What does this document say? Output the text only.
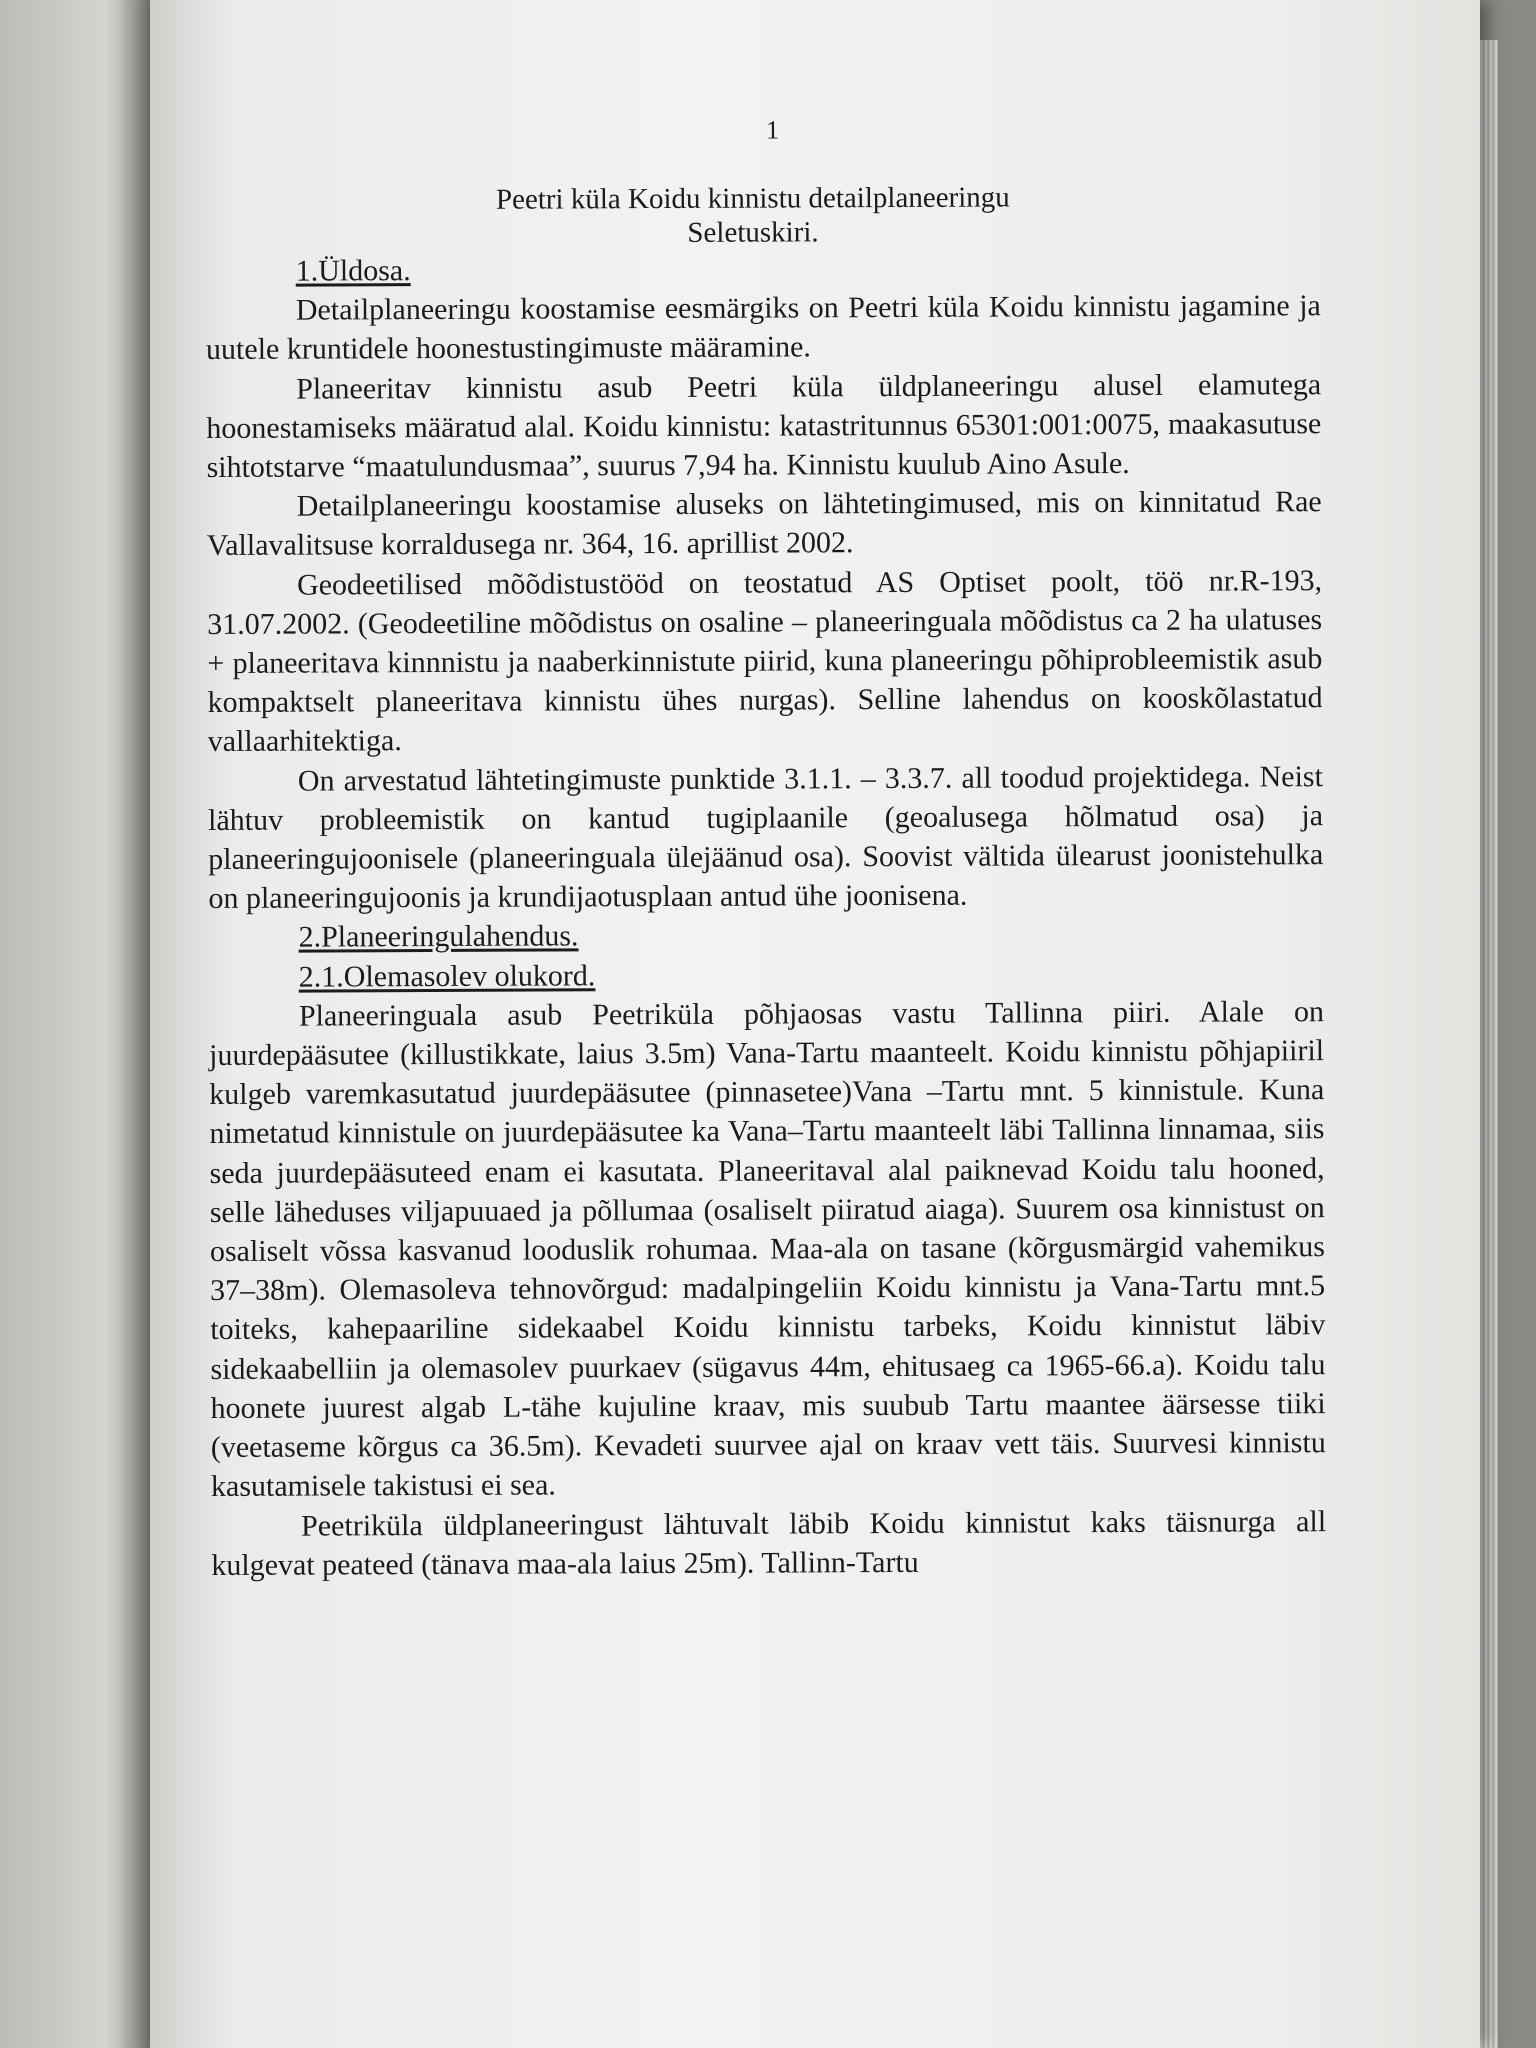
1
Peetri küla Koidu kinnistu detailplaneeringu
Seletuskiri.
1.Üldosa.

Detailplaneeringu koostamise eesmärgiks on Peetri küla Koidu kinnistu jagamine ja uutele kruntidele hoonestustingimuste määramine.

Planeeritav kinnistu asub Peetri küla üldplaneeringu alusel elamutega hoonestamiseks määratud alal. Koidu kinnistu: katastritunnus 65301:001:0075, maakasutuse sihtotstarve “maatulundusmaa”, suurus 7,94 ha. Kinnistu kuulub Aino Asule.

Detailplaneeringu koostamise aluseks on lähtetingimused, mis on kinnitatud Rae Vallavalitsuse korraldusega nr. 364, 16. aprillist 2002.

Geodeetilised mõõdistustööd on teostatud AS Optiset poolt, töö nr.R-193, 31.07.2002. (Geodeetiline mõõdistus on osaline – planeeringuala mõõdistus ca 2 ha ulatuses + planeeritava kinnnistu ja naaberkinnistute piirid, kuna planeeringu põhiprobleemistik asub kompaktselt planeeritava kinnistu ühes nurgas). Selline lahendus on kooskõlastatud vallaarhitektiga.

On arvestatud lähtetingimuste punktide 3.1.1. – 3.3.7. all toodud projektidega. Neist lähtuv probleemistik on kantud tugiplaanile (geoalusega hõlmatud osa) ja planeeringujoonisele (planeeringuala ülejäänud osa). Soovist vältida ülearust joonistehulka on planeeringujoonis ja krundijaotusplaan antud ühe joonisena.

2.Planeeringulahendus.
2.1.Olemasolev olukord.

Planeeringuala asub Peetriküla põhjaosas vastu Tallinna piiri. Alale on juurdepääsutee (killustikkate, laius 3.5m) Vana-Tartu maanteelt. Koidu kinnistu põhjapiiril kulgeb varemkasutatud juurdepääsutee (pinnasetee)Vana –Tartu mnt. 5 kinnistule. Kuna nimetatud kinnistule on juurdepääsutee ka Vana–Tartu maanteelt läbi Tallinna linnamaa, siis seda juurdepääsuteed enam ei kasutata. Planeeritaval alal paiknevad Koidu talu hooned, selle läheduses viljapuuaed ja põllumaa (osaliselt piiratud aiaga). Suurem osa kinnistust on osaliselt võssa kasvanud looduslik rohumaa. Maa-ala on tasane (kõrgusmärgid vahemikus 37–38m). Olemasoleva tehnovõrgud: madalpingeliin Koidu kinnistu ja Vana-Tartu mnt.5 toiteks, kahepaariline sidekaabel Koidu kinnistu tarbeks, Koidu kinnistut läbiv sidekaabelliin ja olemasolev puurkaev (sügavus 44m, ehitusaeg ca 1965-66.a). Koidu talu hoonete juurest algab L-tähe kujuline kraav, mis suubub Tartu maantee äärsesse tiiki (veetaseme kõrgus ca 36.5m). Kevadeti suurvee ajal on kraav vett täis. Suurvesi kinnistu kasutamisele takistusi ei sea.

Peetriküla üldplaneeringust lähtuvalt läbib Koidu kinnistut kaks täisnurga all kulgevat peateed (tänava maa-ala laius 25m). Tallinn-Tartu
